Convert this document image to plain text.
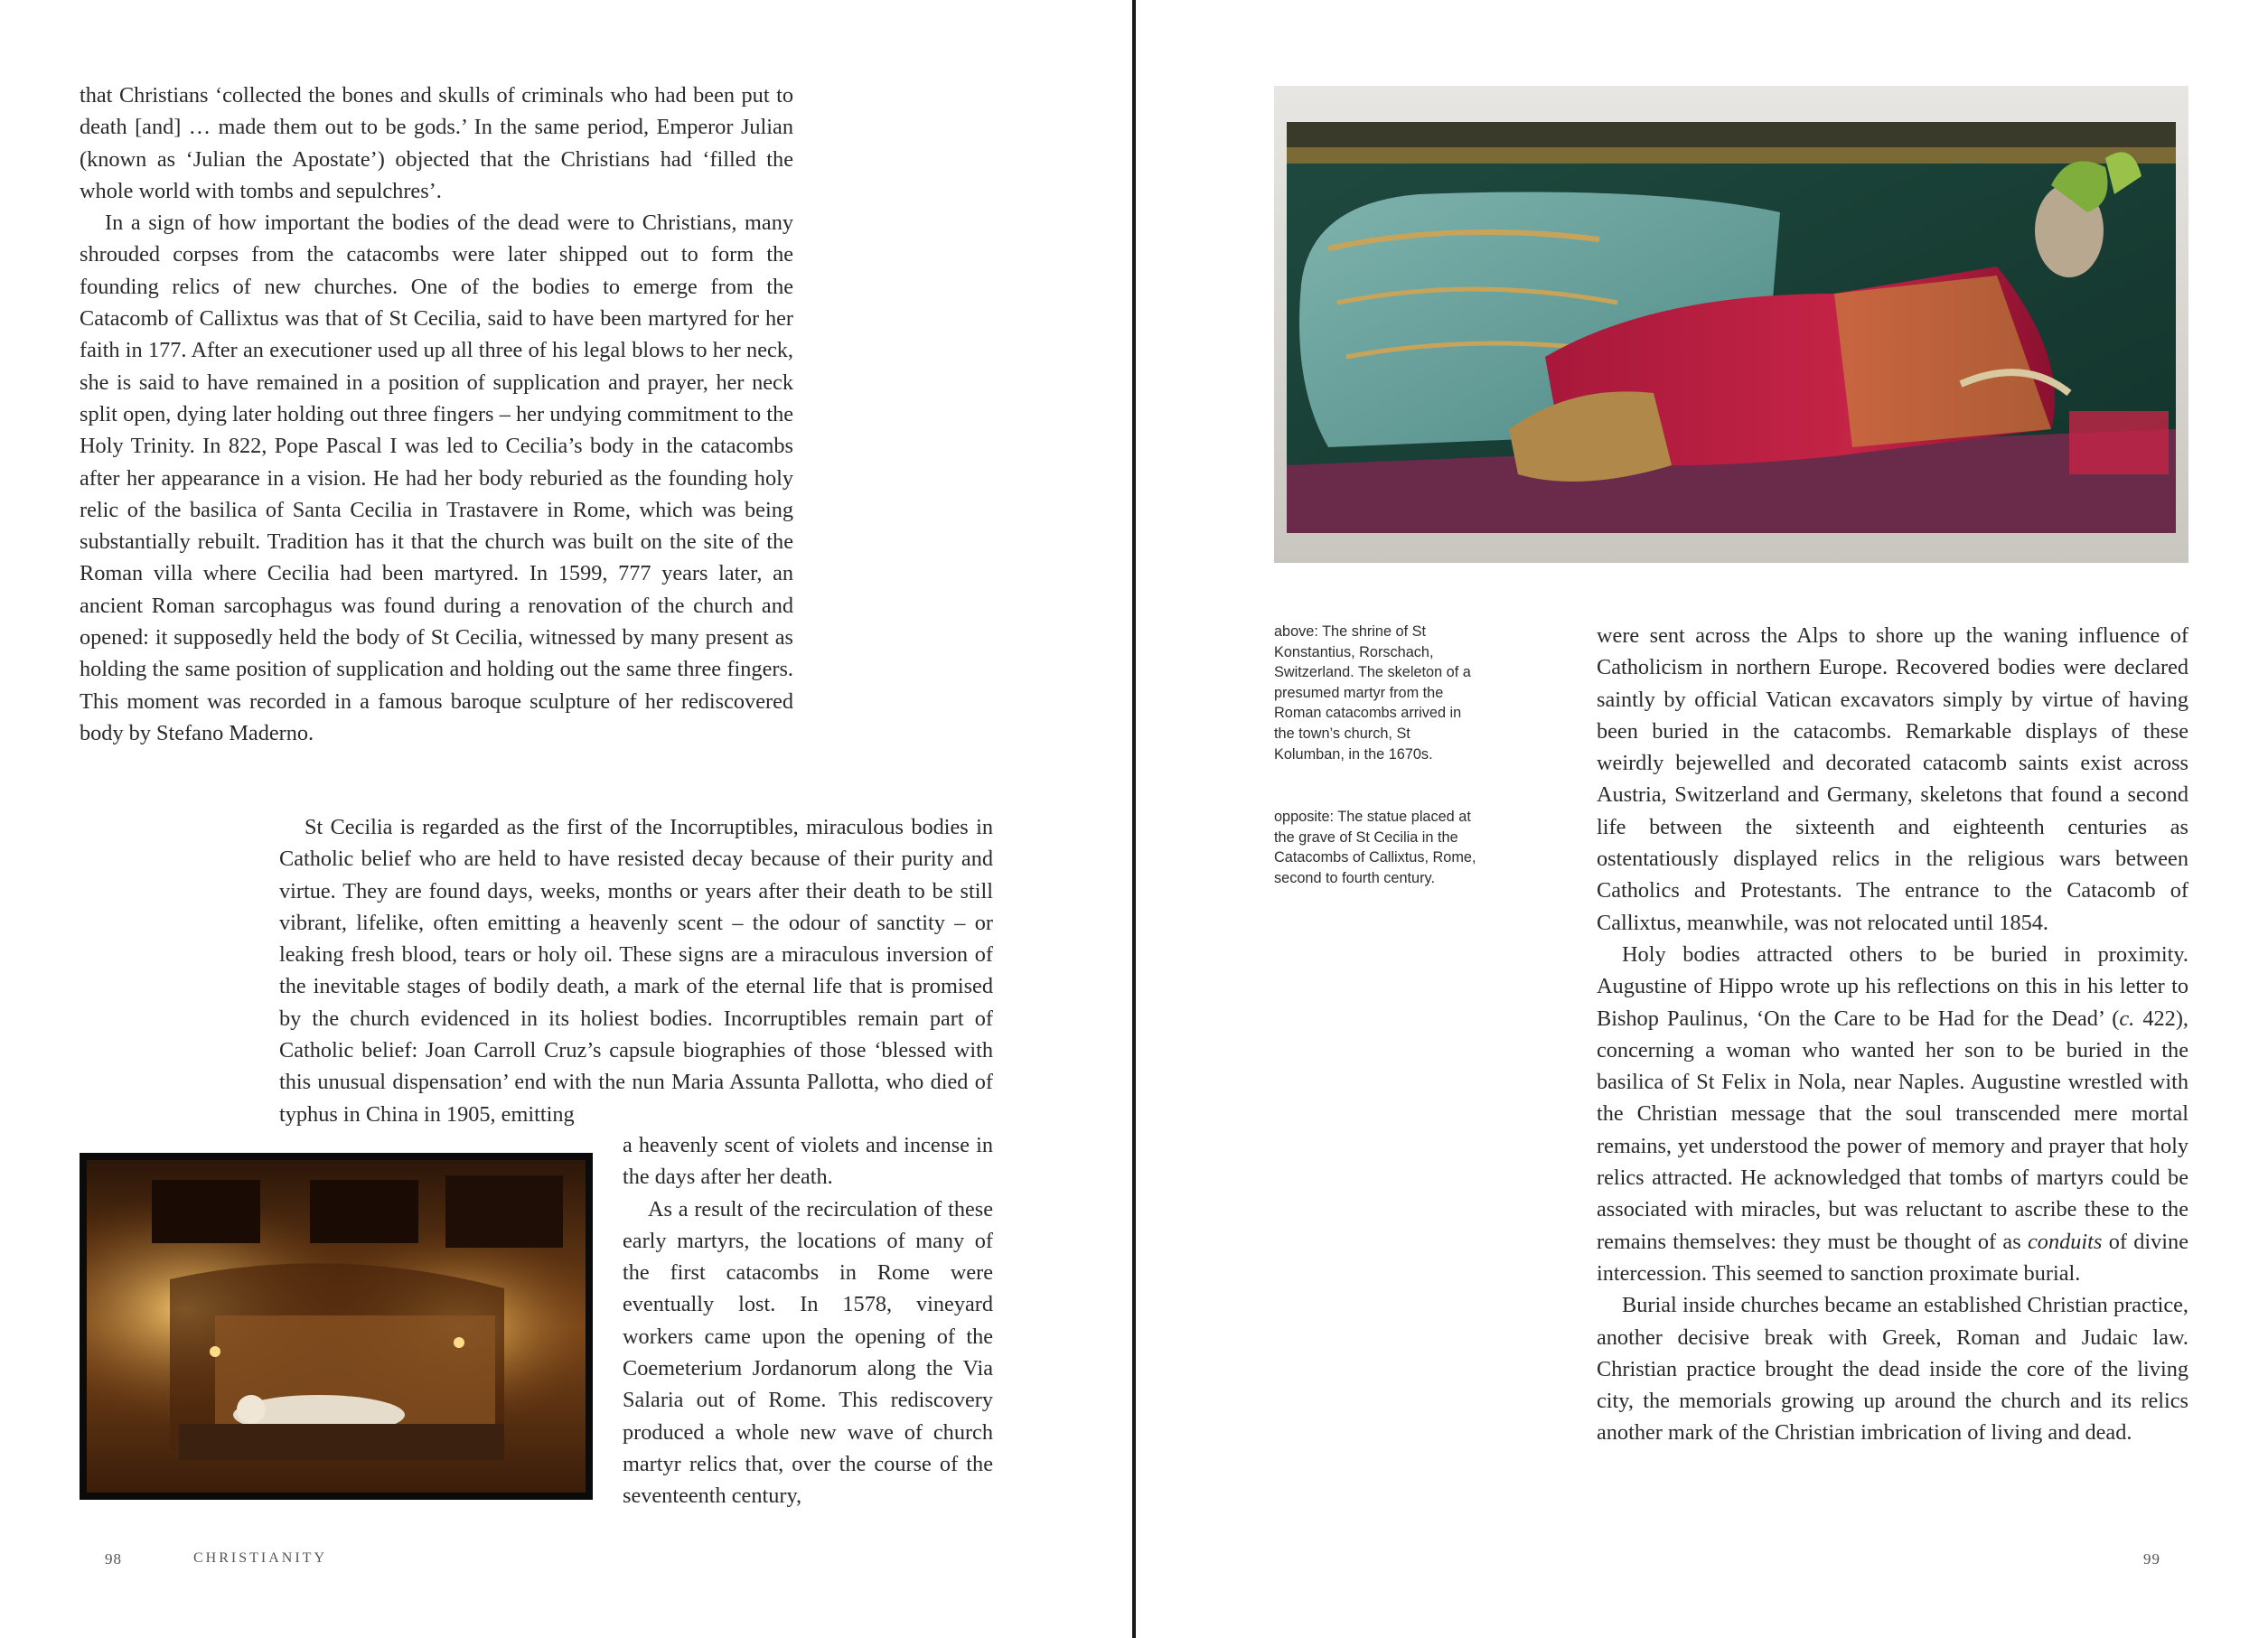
that Christians ‘collected the bones and skulls of criminals who had been put to death [and] … made them out to be gods.’ In the same period, Emperor Julian (known as ‘Julian the Apostate’) objected that the Christians had ‘filled the whole world with tombs and sepulchres’.

In a sign of how important the bodies of the dead were to Christians, many shrouded corpses from the catacombs were later shipped out to form the founding relics of new churches. One of the bodies to emerge from the Catacomb of Callixtus was that of St Cecilia, said to have been martyred for her faith in 177. After an executioner used up all three of his legal blows to her neck, she is said to have remained in a position of supplication and prayer, her neck split open, dying later holding out three fingers – her undying commitment to the Holy Trinity. In 822, Pope Pascal I was led to Cecilia’s body in the catacombs after her appearance in a vision. He had her body reburied as the founding holy relic of the basilica of Santa Cecilia in Trastavere in Rome, which was being substantially rebuilt. Tradition has it that the church was built on the site of the Roman villa where Cecilia had been martyred. In 1599, 777 years later, an ancient Roman sarcophagus was found during a renovation of the church and opened: it supposedly held the body of St Cecilia, witnessed by many present as holding the same position of supplication and holding out the same three fingers. This moment was recorded in a famous baroque sculpture of her rediscovered body by Stefano Maderno.

St Cecilia is regarded as the first of the Incorruptibles, miraculous bodies in Catholic belief who are held to have resisted decay because of their purity and virtue. They are found days, weeks, months or years after their death to be still vibrant, lifelike, often emitting a heavenly scent – the odour of sanctity – or leaking fresh blood, tears or holy oil. These signs are a miraculous inversion of the inevitable stages of bodily death, a mark of the eternal life that is promised by the church evidenced in its holiest bodies. Incorruptibles remain part of Catholic belief: Joan Carroll Cruz’s capsule biographies of those ‘blessed with this unusual dispensation’ end with the nun Maria Assunta Pallotta, who died of typhus in China in 1905, emitting

a heavenly scent of violets and incense in the days after her death.

As a result of the recirculation of these early martyrs, the locations of many of the first catacombs in Rome were eventually lost. In 1578, vineyard workers came upon the opening of the Coemeterium Jordanorum along the Via Salaria out of Rome. This rediscovery produced a whole new wave of church martyr relics that, over the course of the seventeenth century,

98	CHRISTIANITY

above: The shrine of St Konstantius, Rorschach, Switzerland. The skeleton of a presumed martyr from the Roman catacombs arrived in the town’s church, St Kolumban, in the 1670s.

opposite: The statue placed at the grave of St Cecilia in the Catacombs of Callixtus, Rome, second to fourth century.

were sent across the Alps to shore up the waning influence of Catholicism in northern Europe. Recovered bodies were declared saintly by official Vatican excavators simply by virtue of having been buried in the catacombs. Remarkable displays of these weirdly bejewelled and decorated catacomb saints exist across Austria, Switzerland and Germany, skeletons that found a second life between the sixteenth and eighteenth centuries as ostentatiously displayed relics in the religious wars between Catholics and Protestants. The entrance to the Catacomb of Callixtus, meanwhile, was not relocated until 1854.

Holy bodies attracted others to be buried in proximity. Augustine of Hippo wrote up his reflections on this in his letter to Bishop Paulinus, ‘On the Care to be Had for the Dead’ (c. 422), concerning a woman who wanted her son to be buried in the basilica of St Felix in Nola, near Naples. Augustine wrestled with the Christian message that the soul transcended mere mortal remains, yet understood the power of memory and prayer that holy relics attracted. He acknowledged that tombs of martyrs could be associated with miracles, but was reluctant to ascribe these to the remains themselves: they must be thought of as conduits of divine intercession. This seemed to sanction proximate burial.

Burial inside churches became an established Christian practice, another decisive break with Greek, Roman and Judaic law. Christian practice brought the dead inside the core of the living city, the memorials growing up around the church and its relics another mark of the Christian imbrication of living and dead.

99
